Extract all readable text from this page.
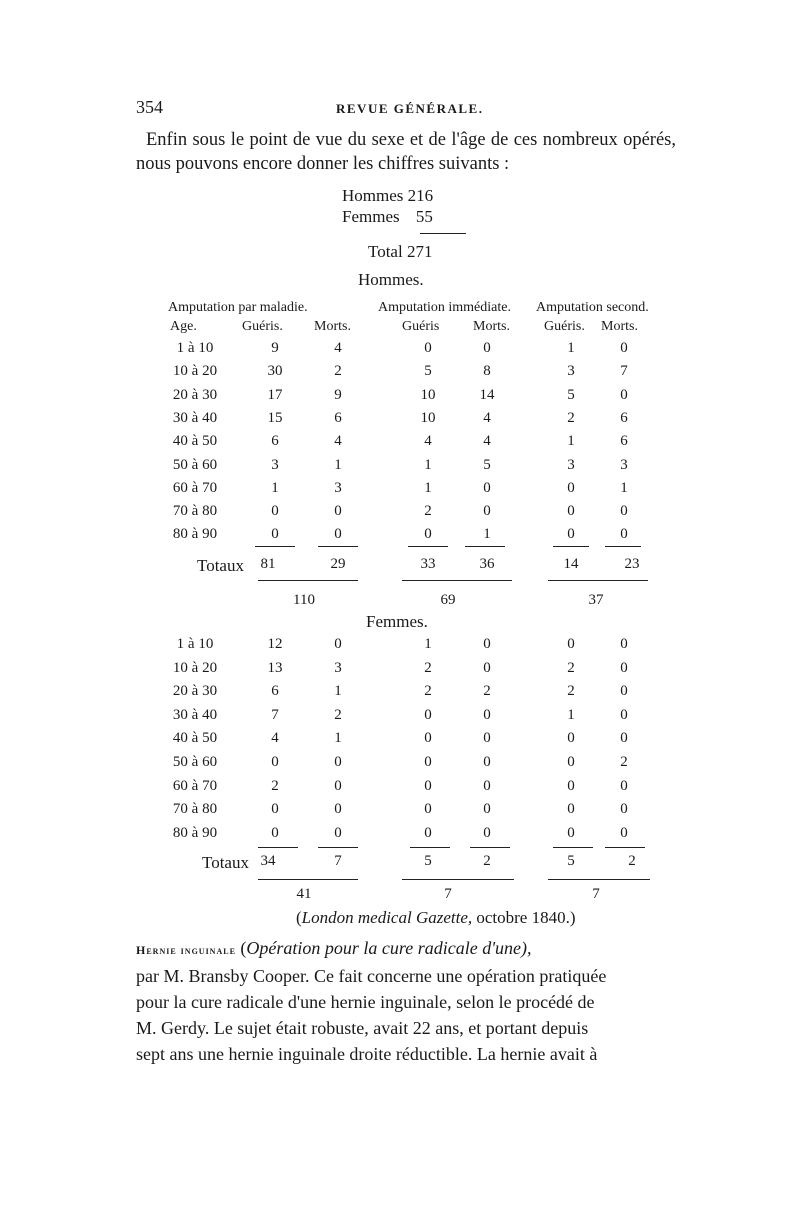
354	REVUE GÉNÉRALE.

Enfin sous le point de vue du sexe et de l'âge de ces nombreux opérés, nous pouvons encore donner les chiffres suivants :

Hommes 216
Femmes 55
Total 271
Hommes.
Amputation par maladie.	Amputation immédiate. Amputation second.
Age.	Guéris. Morts.	Guéris Morts. Guéris. Morts.
1 à 10	9	4	0	0	1	0
10 à 20	30	2	5	8	3	7
20 à 30	17	9	10	14	5	0
30 à 40	15	6	10	4	2	6
40 à 50	6	4	4	4	1	6
50 à 60	3	1	1	5	3	3
60 à 70	1	3	1	0	0	1
70 à 80	0	0	2	0	0	0
80 à 90	0	0	0	1	0	0
Totaux	81	29	33	36	14	23
110	69	37
Femmes.
1 à 10	12	0	1	0	0	0
10 à 20	13	3	2	0	2	0
20 à 30	6	1	2	2	2	0
30 à 40	7	2	0	0	1	0
40 à 50	4	1	0	0	0	0
50 à 60	0	0	0	0	0	2
60 à 70	2	0	0	0	0	0
70 à 80	0	0	0	0	0	0
80 à 90	0	0	0	0	0	0
Totaux 34	7	5	2	5	2
41	7	7
(London medical Gazette, octobre 1840.)
Hernie inguinale (Opération pour la cure radicale d'une),
par M. Bransby Cooper. Ce fait concerne une opération pratiquée
pour la cure radicale d'une hernie inguinale, selon le procédé de
M. Gerdy. Le sujet était robuste, avait 22 ans, et portant depuis
sept ans une hernie inguinale droite réductible. La hernie avait à
